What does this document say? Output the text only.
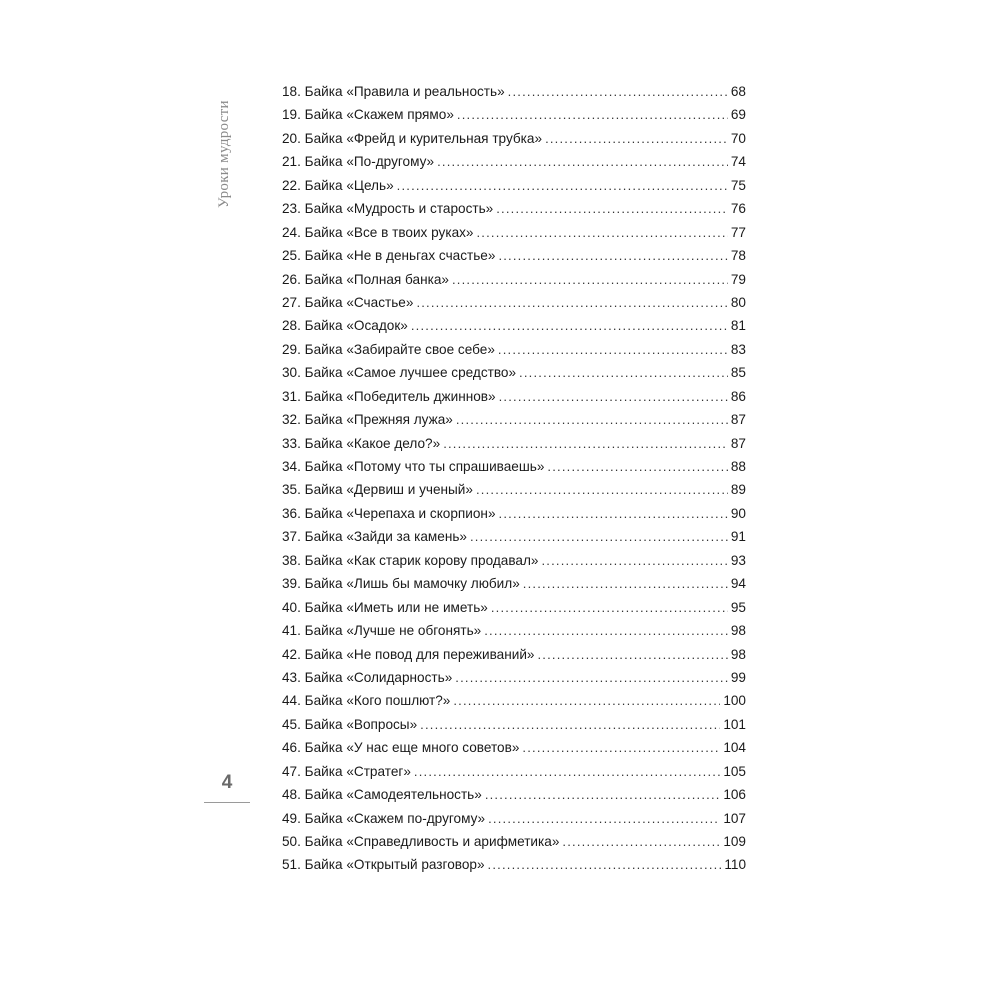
Уроки мудрости
4
18. Байка «Правила и реальность» .....	68
19. Байка «Скажем прямо» .....	69
20. Байка «Фрейд и курительная трубка» .....	70
21. Байка «По-другому» .....	74
22. Байка «Цель» .....	75
23. Байка «Мудрость и старость» .....	76
24. Байка «Все в твоих руках» .....	77
25. Байка «Не в деньгах счастье» .....	78
26. Байка «Полная банка» .....	79
27. Байка «Счастье» .....	80
28. Байка «Осадок» .....	81
29. Байка «Забирайте свое себе» .....	83
30. Байка «Самое лучшее средство» .....	85
31. Байка «Победитель джиннов» .....	86
32. Байка «Прежняя лужа» .....	87
33. Байка «Какое дело?» .....	87
34. Байка «Потому что ты спрашиваешь» .....	88
35. Байка «Дервиш и ученый» .....	89
36. Байка «Черепаха и скорпион» .....	90
37. Байка «Зайди за камень» .....	91
38. Байка «Как старик корову продавал» .....	93
39. Байка «Лишь бы мамочку любил» .....	94
40. Байка «Иметь или не иметь» .....	95
41. Байка «Лучше не обгонять» .....	98
42. Байка «Не повод для переживаний» .....	98
43. Байка «Солидарность» .....	99
44. Байка «Кого пошлют?» .....	100
45. Байка «Вопросы» .....	101
46. Байка «У нас еще много советов» .....	104
47. Байка «Стратег» .....	105
48. Байка «Самодеятельность» .....	106
49. Байка «Скажем по-другому» .....	107
50. Байка «Справедливость и арифметика» .....	109
51. Байка «Открытый разговор» .....	110
